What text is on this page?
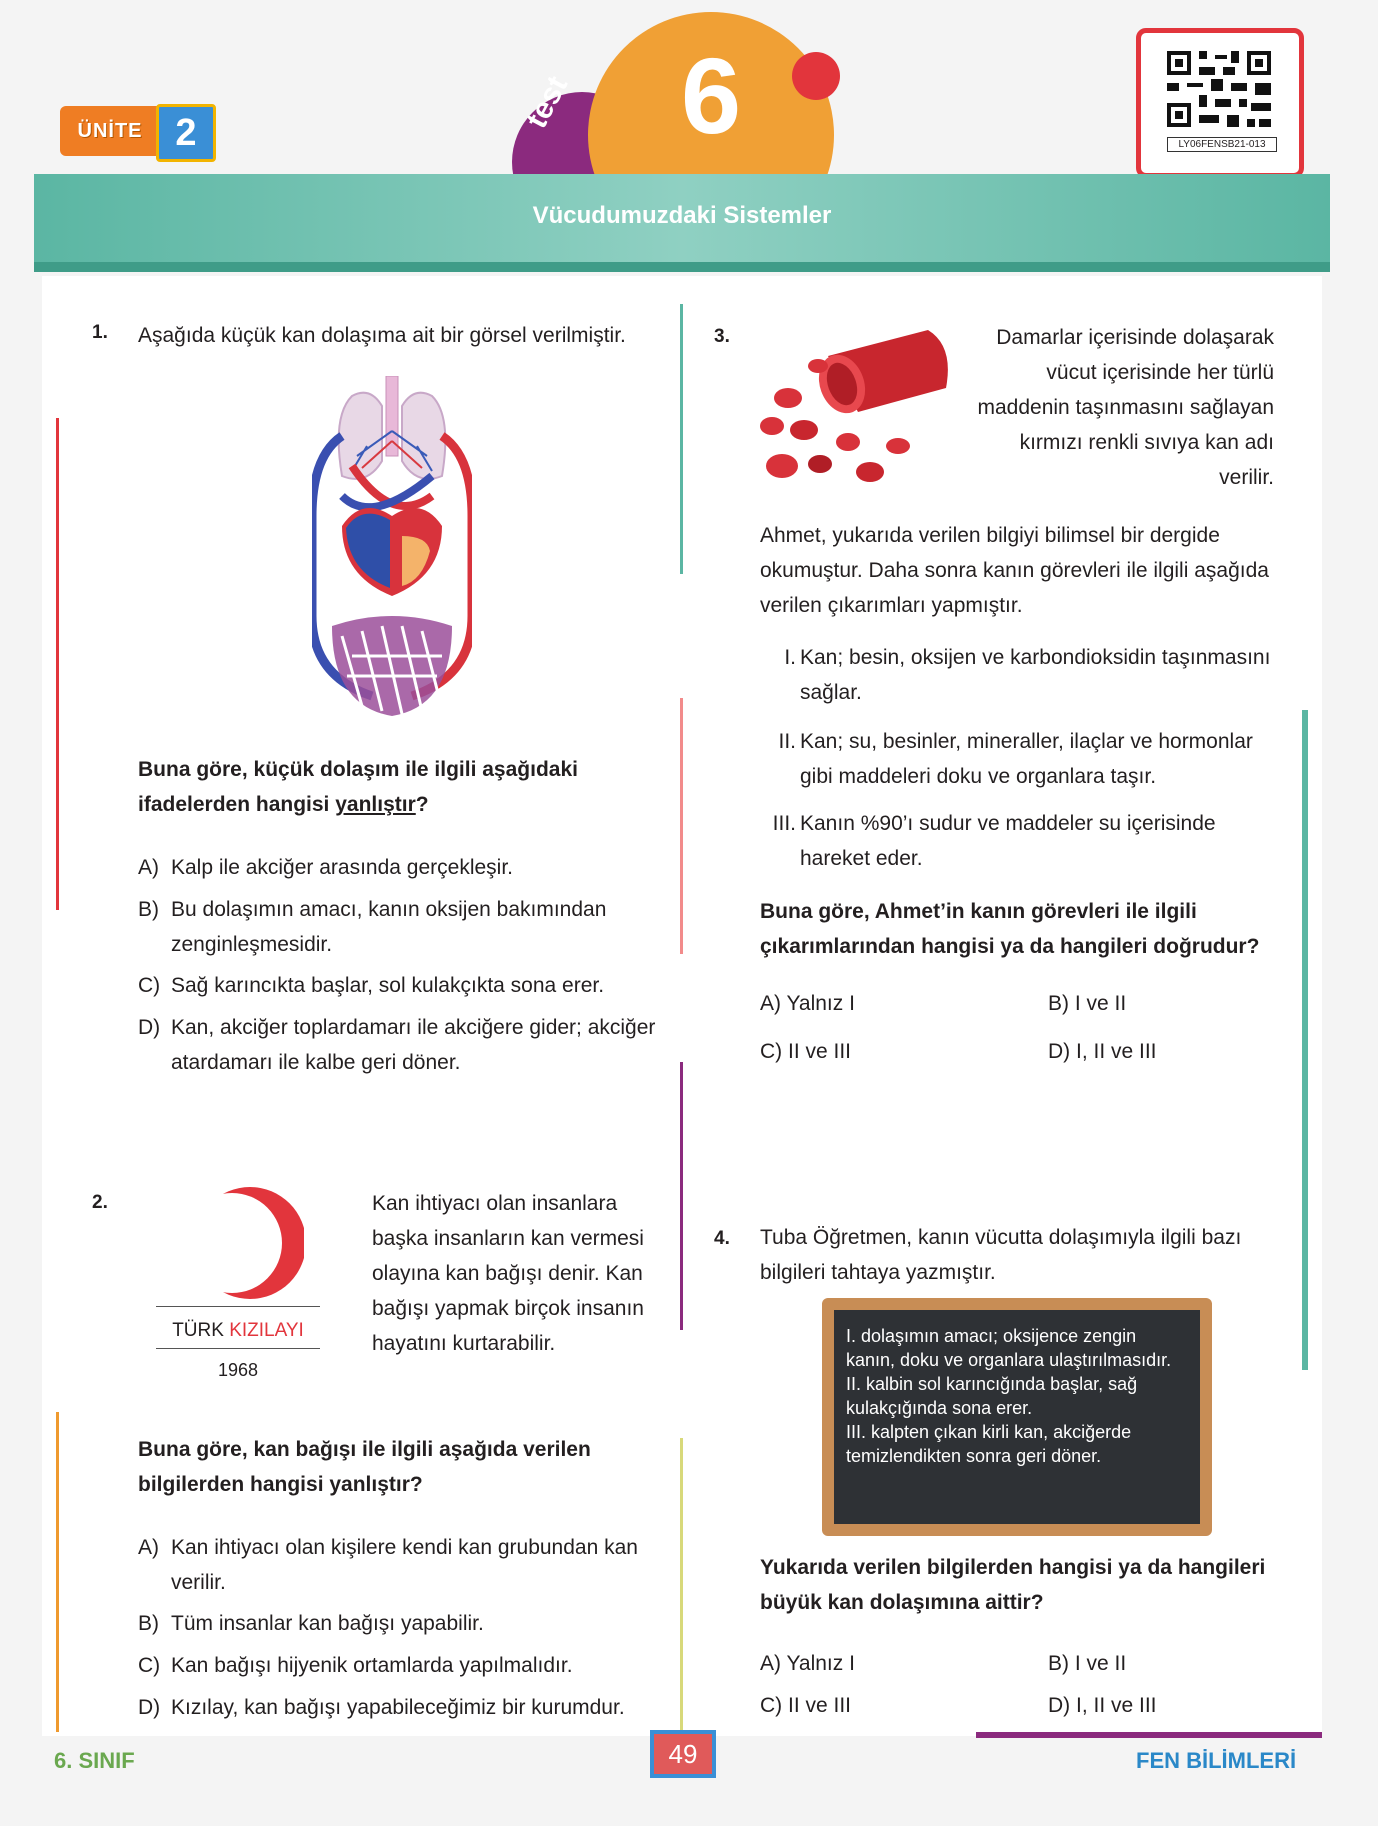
ÜNİTE 2	test 6	LY06FENSB21-013
Vücudumuzdaki Sistemler
1. Aşağıda küçük kan dolaşıma ait bir görsel verilmiştir.
Buna göre, küçük dolaşım ile ilgili aşağıdaki ifadelerden hangisi yanlıştır?
A) Kalp ile akciğer arasında gerçekleşir.
B) Bu dolaşımın amacı, kanın oksijen bakımından zenginleşmesidir.
C) Sağ karıncıkta başlar, sol kulakçıkta sona erer.
D) Kan, akciğer toplardamarı ile akciğere gider; akciğer atardamarı ile kalbe geri döner.
2.
TÜRK KIZILAYI
1968
Kan ihtiyacı olan insanlara başka insanların kan vermesi olayına kan bağışı denir. Kan bağışı yapmak birçok insanın hayatını kurtarabilir.
Buna göre, kan bağışı ile ilgili aşağıda verilen bilgilerden hangisi yanlıştır?
A) Kan ihtiyacı olan kişilere kendi kan grubundan kan verilir.
B) Tüm insanlar kan bağışı yapabilir.
C) Kan bağışı hijyenik ortamlarda yapılmalıdır.
D) Kızılay, kan bağışı yapabileceğimiz bir kurumdur.
3.	Damarlar içerisinde dolaşarak vücut içerisinde her türlü maddenin taşınmasını sağlayan kırmızı renkli sıvıya kan adı verilir.
Ahmet, yukarıda verilen bilgiyi bilimsel bir dergide okumuştur. Daha sonra kanın görevleri ile ilgili aşağıda verilen çıkarımları yapmıştır.
I. Kan; besin, oksijen ve karbondioksidin taşınmasını sağlar.
II. Kan; su, besinler, mineraller, ilaçlar ve hormonlar gibi maddeleri doku ve organlara taşır.
III. Kanın %90’ı sudur ve maddeler su içerisinde hareket eder.
Buna göre, Ahmet’in kanın görevleri ile ilgili çıkarımlarından hangisi ya da hangileri doğrudur?
A) Yalnız I	B) I ve II
C) II ve III	D) I, II ve III
4. Tuba Öğretmen, kanın vücutta dolaşımıyla ilgili bazı bilgileri tahtaya yazmıştır.
I. dolaşımın amacı; oksijence zengin kanın, doku ve organlara ulaştırılmasıdır.
II. kalbin sol karıncığında başlar, sağ kulakçığında sona erer.
III. kalpten çıkan kirli kan, akciğerde temizlendikten sonra geri döner.
Yukarıda verilen bilgilerden hangisi ya da hangileri büyük kan dolaşımına aittir?
A) Yalnız I	B) I ve II
C) II ve III	D) I, II ve III
6. SINIF	49	FEN BİLİMLERİ
